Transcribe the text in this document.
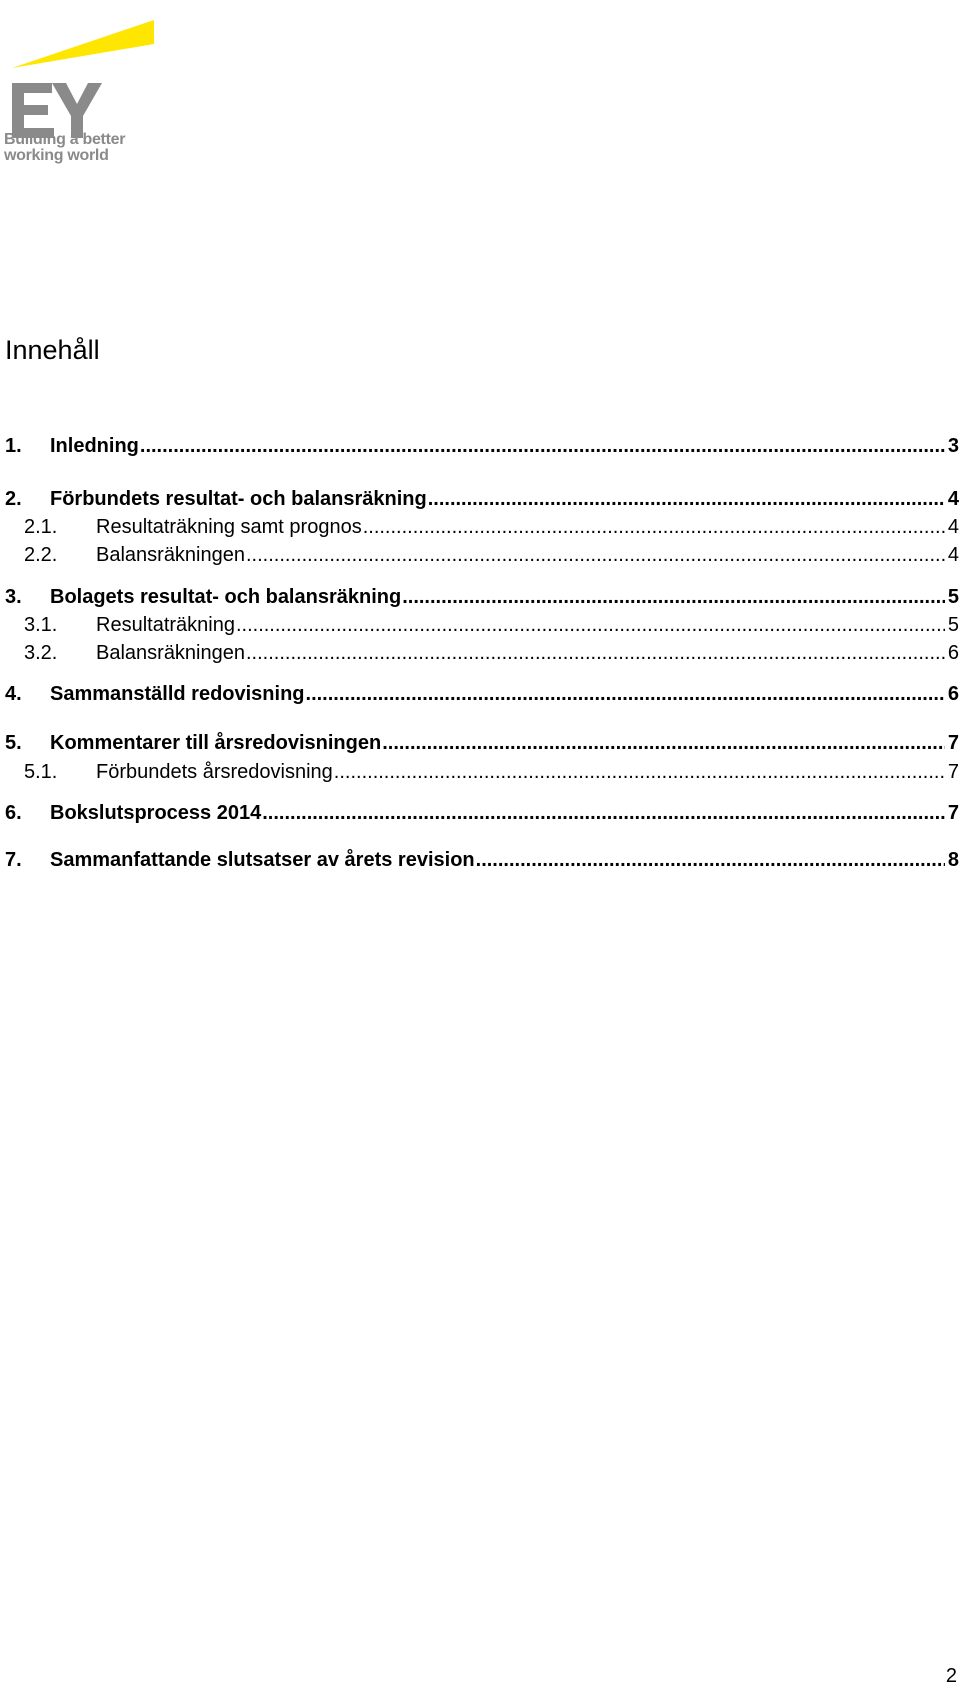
Building a better
working world
Innehåll
1.	Inledning .....	3
2.	Förbundets resultat- och balansräkning .....	4
2.1.	Resultaträkning samt prognos .....	4
2.2.	Balansräkningen .....	4
3.	Bolagets resultat- och balansräkning .....	5
3.1.	Resultaträkning .....	5
3.2.	Balansräkningen .....	6
4.	Sammanställd redovisning .....	6
5.	Kommentarer till årsredovisningen .....	7
5.1.	Förbundets årsredovisning .....	7
6.	Bokslutsprocess 2014 .....	7
7.	Sammanfattande slutsatser av årets revision .....	8
2
